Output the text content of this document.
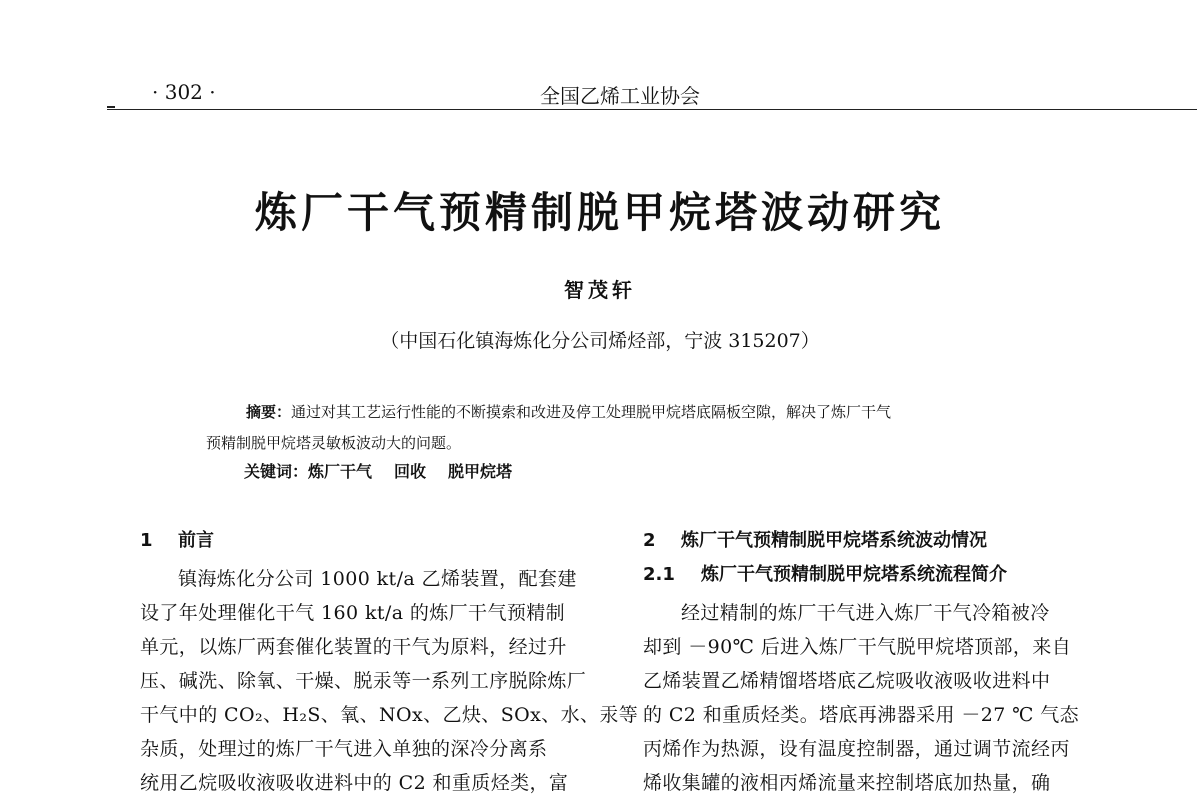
· 302 ·	全国乙烯工业协会
炼厂干气预精制脱甲烷塔波动研究
智茂轩
（中国石化镇海炼化分公司烯烃部，宁波 315207）
摘要：通过对其工艺运行性能的不断摸索和改进及停工处理脱甲烷塔底隔板空隙，解决了炼厂干气
预精制脱甲烷塔灵敏板波动大的问题。
关键词：炼厂干气 回收 脱甲烷塔
1 前言
镇海炼化分公司 1000 kt/a 乙烯装置，配套建
设了年处理催化干气 160 kt/a 的炼厂干气预精制
单元，以炼厂两套催化装置的干气为原料，经过升
压、碱洗、除氧、干燥、脱汞等一系列工序脱除炼厂
干气中的 CO₂、H₂S、氧、NOx、乙炔、SOx、水、汞等
杂质，处理过的炼厂干气进入单独的深冷分离系
统用乙烷吸收液吸收进料中的 C2 和重质烃类，富
2 炼厂干气预精制脱甲烷塔系统波动情况
2.1 炼厂干气预精制脱甲烷塔系统流程简介
经过精制的炼厂干气进入炼厂干气冷箱被冷
却到 －90℃ 后进入炼厂干气脱甲烷塔顶部，来自
乙烯装置乙烯精馏塔塔底乙烷吸收液吸收进料中
的 C2 和重质烃类。塔底再沸器采用 －27 ℃ 气态
丙烯作为热源，设有温度控制器，通过调节流经丙
烯收集罐的液相丙烯流量来控制塔底加热量，确
